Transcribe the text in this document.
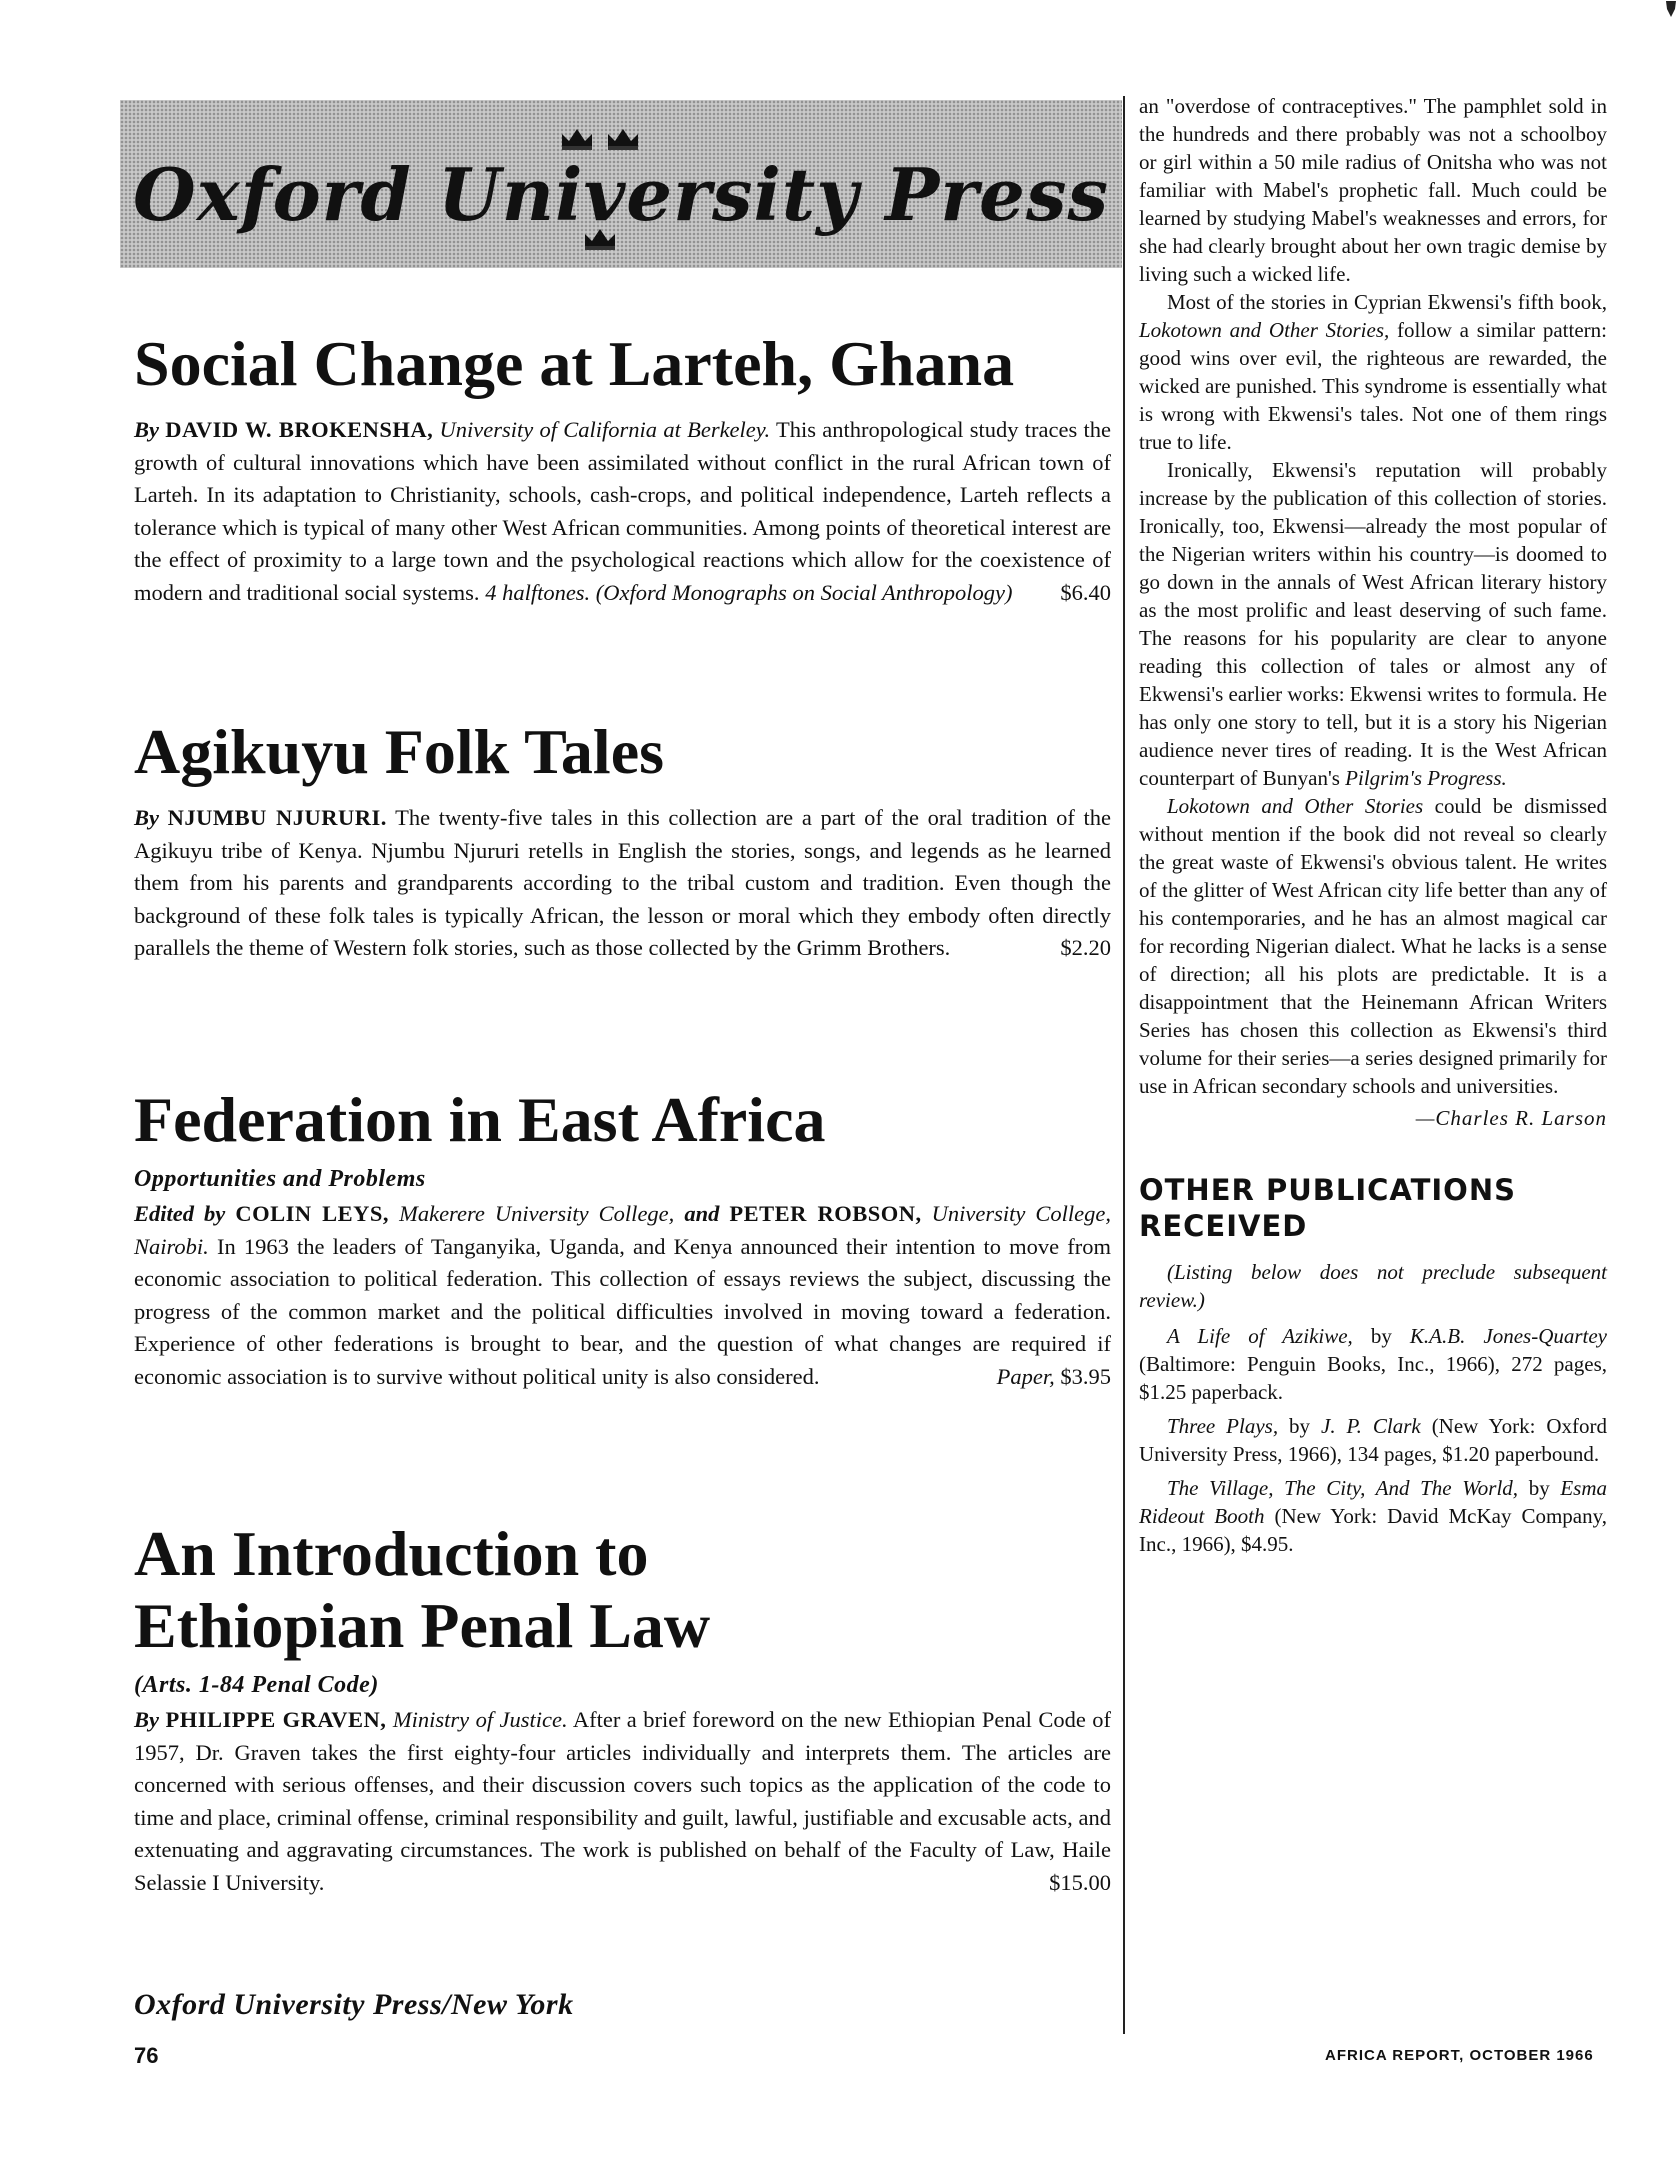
Oxford University Press
Social Change at Larteh, Ghana

By DAVID W. BROKENSHA, University of California at Berkeley. This anthropological study traces the growth of cultural innovations which have been assimilated without conflict in the rural African town of Larteh. In its adaptation to Christianity, schools, cash-crops, and political independence, Larteh reflects a tolerance which is typical of many other West African communities. Among points of theoretical interest are the effect of proximity to a large town and the psychological reactions which allow for the coexistence of modern and traditional social systems. 4 halftones. (Oxford Monographs on Social Anthropology) $6.40

Agikuyu Folk Tales

By NJUMBU NJURURI. The twenty-five tales in this collection are a part of the oral tradition of the Agikuyu tribe of Kenya. Njumbu Njururi retells in English the stories, songs, and legends as he learned them from his parents and grandparents according to the tribal custom and tradition. Even though the background of these folk tales is typically African, the lesson or moral which they embody often directly parallels the theme of Western folk stories, such as those collected by the Grimm Brothers.	$2.20

Federation in East Africa
Opportunities and Problems

Edited by COLIN LEYS, Makerere University College, and PETER ROBSON, University College, Nairobi. In 1963 the leaders of Tanganyika, Uganda, and Kenya announced their intention to move from economic association to political federation. This collection of essays reviews the subject, discussing the progress of the common market and the political difficulties involved in moving toward a federation. Experience of other federations is brought to bear, and the question of what changes are required if economic association is to survive without political unity is also considered.	Paper, $3.95

An Introduction to Ethiopian Penal Law
(Arts. 1-84 Penal Code)

By PHILIPPE GRAVEN, Ministry of Justice. After a brief foreword on the new Ethiopian Penal Code of 1957, Dr. Graven takes the first eighty-four articles individually and interprets them. The articles are concerned with serious offenses, and their discussion covers such topics as the application of the code to time and place, criminal offense, criminal responsibility and guilt, lawful, justifiable and excusable acts, and extenuating and aggravating circumstances. The work is published on behalf of the Faculty of Law, Haile Selassie I University.	$15.00

Oxford University Press/New York
76

an "overdose of contraceptives." The pamphlet sold in the hundreds and there probably was not a schoolboy or girl within a 50 mile radius of Onitsha who was not familiar with Mabel's prophetic fall. Much could be learned by studying Mabel's weaknesses and errors, for she had clearly brought about her own tragic demise by living such a wicked life.

Most of the stories in Cyprian Ekwensi's fifth book, Lokotown and Other Stories, follow a similar pattern: good wins over evil, the righteous are rewarded, the wicked are punished. This syndrome is essentially what is wrong with Ekwensi's tales. Not one of them rings true to life.

Ironically, Ekwensi's reputation will probably increase by the publication of this collection of stories. Ironically, too, Ekwensi—already the most popular of the Nigerian writers within his country—is doomed to go down in the annals of West African literary history as the most prolific and least deserving of such fame. The reasons for his popularity are clear to anyone reading this collection of tales or almost any of Ekwensi's earlier works: Ekwensi writes to formula. He has only one story to tell, but it is a story his Nigerian audience never tires of reading. It is the West African counterpart of Bunyan's Pilgrim's Progress.

Lokotown and Other Stories could be dismissed without mention if the book did not reveal so clearly the great waste of Ekwensi's obvious talent. He writes of the glitter of West African city life better than any of his contemporaries, and he has an almost magical car for recording Nigerian dialect. What he lacks is a sense of direction; all his plots are predictable. It is a disappointment that the Heinemann African Writers Series has chosen this collection as Ekwensi's third volume for their series—a series designed primarily for use in African secondary schools and universities.

—Charles R. Larson

OTHER PUBLICATIONS RECEIVED

(Listing below does not preclude subsequent review.)

A Life of Azikiwe, by K.A.B. Jones-Quartey (Baltimore: Penguin Books, Inc., 1966), 272 pages, $1.25 paperback.

Three Plays, by J. P. Clark (New York: Oxford University Press, 1966), 134 pages, $1.20 paperbound.

The Village, The City, And The World, by Esma Rideout Booth (New York: David McKay Company, Inc., 1966), $4.95.

AFRICA REPORT, OCTOBER 1966
